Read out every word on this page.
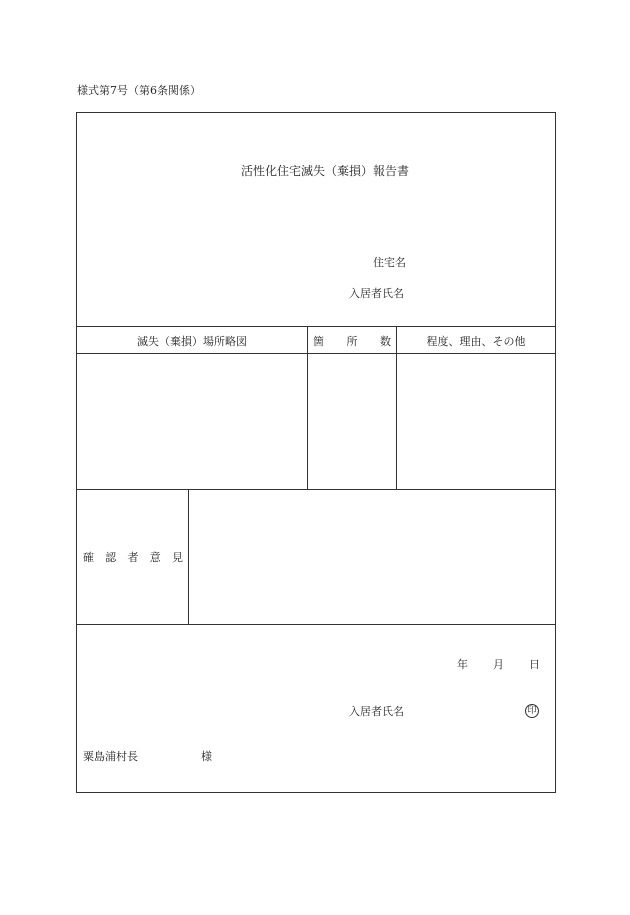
様式第7号（第6条関係）
活性化住宅滅失（棄損）報告書
住宅名
入居者氏名
滅失（棄損）場所略図	箇 所 数	程度、理由、その他
確 認 者 意 見
年 月 日
入居者氏名	印
粟島浦村長	様
